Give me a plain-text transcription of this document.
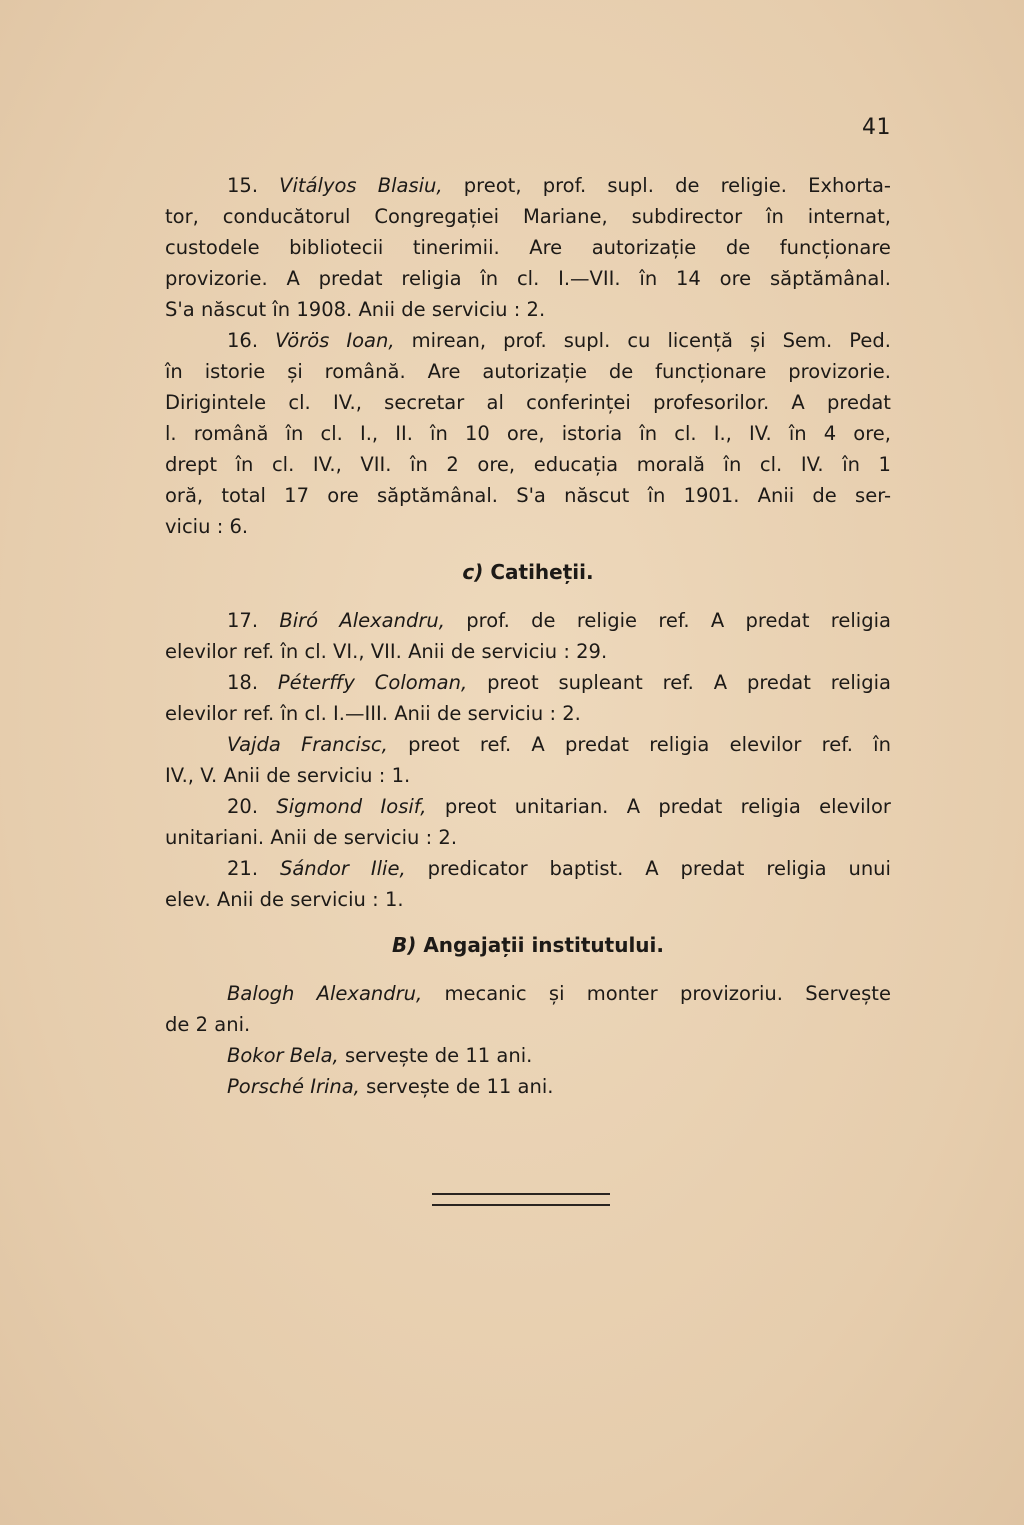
41
15. Vitályos Blasiu, preot, prof. supl. de religie. Exhorta-
tor, conducătorul Congregației Mariane, subdirector în internat,
custodele bibliotecii tinerimii. Are autorizație de funcționare
provizorie. A predat religia în cl. I.—VII. în 14 ore săptămânal.
S'a născut în 1908. Anii de serviciu : 2.
16. Vörös Ioan, mirean, prof. supl. cu licență și Sem. Ped.
în istorie și română. Are autorizație de funcționare provizorie.
Dirigintele cl. IV., secretar al conferinței profesorilor. A predat
l. română în cl. I., II. în 10 ore, istoria în cl. I., IV. în 4 ore,
drept în cl. IV., VII. în 2 ore, educația morală în cl. IV. în 1
oră, total 17 ore săptămânal. S'a născut în 1901. Anii de ser-
viciu : 6.
c) Catiheții.
17. Biró Alexandru, prof. de religie ref. A predat religia
elevilor ref. în cl. VI., VII. Anii de serviciu : 29.
18. Péterffy Coloman, preot supleant ref. A predat religia
elevilor ref. în cl. I.—III. Anii de serviciu : 2.
Vajda Francisc, preot ref. A predat religia elevilor ref. în
IV., V. Anii de serviciu : 1.
20. Sigmond Iosif, preot unitarian. A predat religia elevilor
unitariani. Anii de serviciu : 2.
21. Sándor Ilie, predicator baptist. A predat religia unui
elev. Anii de serviciu : 1.
B) Angajații institutului.
Balogh Alexandru, mecanic și monter provizoriu. Servește
de 2 ani.
Bokor Bela, servește de 11 ani.
Porsché Irina, servește de 11 ani.
